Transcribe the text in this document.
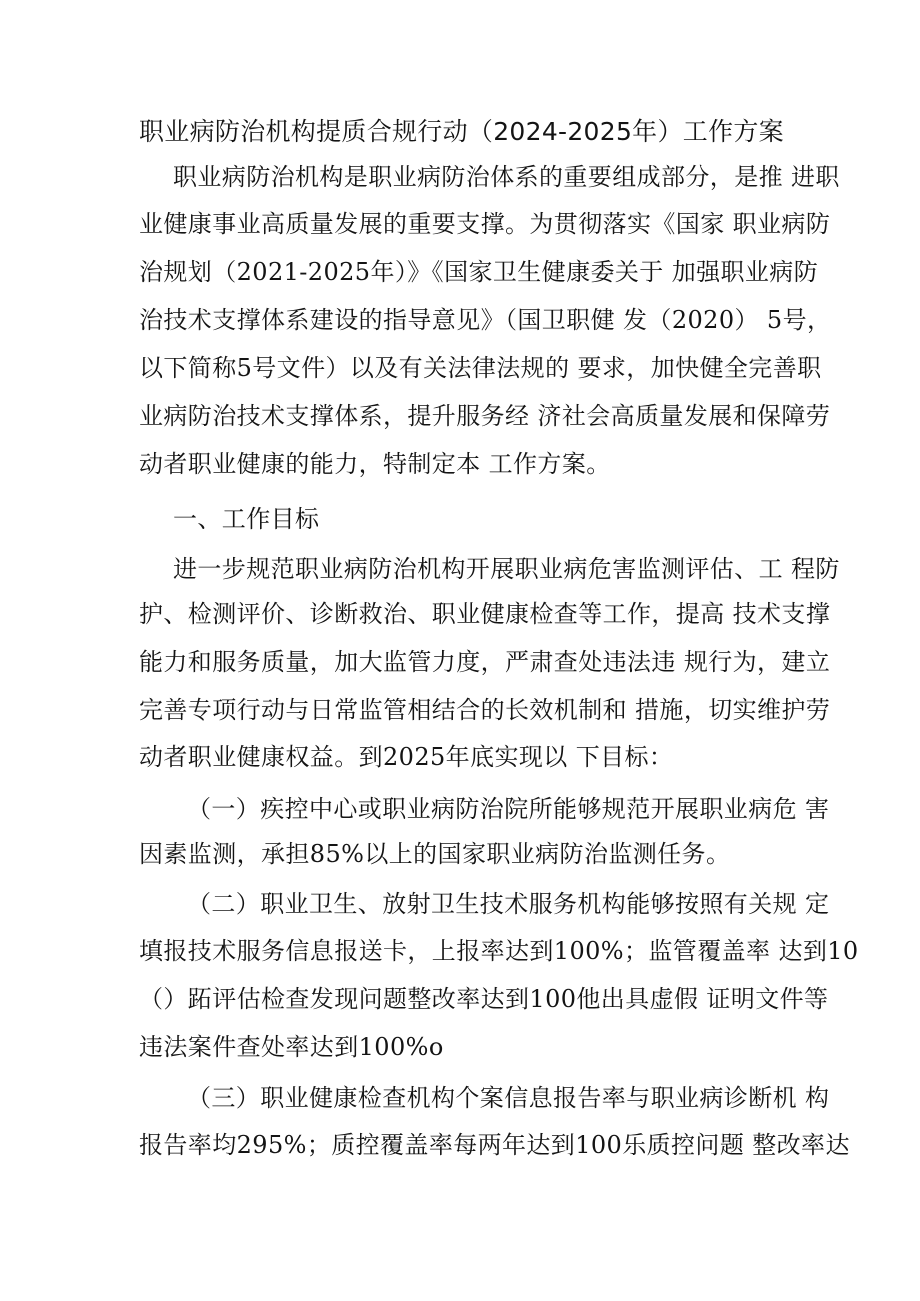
职业病防治机构提质合规行动（2024-2025年）工作方案
职业病防治机构是职业病防治体系的重要组成部分，是推 进职
业健康事业高质量发展的重要支撑。为贯彻落实《国家 职业病防
治规划（2021-2025年）》《国家卫生健康委关于 加强职业病防
治技术支撑体系建设的指导意见》（国卫职健 发（2020） 5号，
以下简称5号文件）以及有关法律法规的 要求，加快健全完善职
业病防治技术支撑体系，提升服务经 济社会高质量发展和保障劳
动者职业健康的能力，特制定本 工作方案。
一、工作目标
进一步规范职业病防治机构开展职业病危害监测评估、工 程防
护、检测评价、诊断救治、职业健康检查等工作，提高 技术支撑
能力和服务质量，加大监管力度，严肃查处违法违 规行为，建立
完善专项行动与日常监管相结合的长效机制和 措施，切实维护劳
动者职业健康权益。到2025年底实现以 下目标：
（一）疾控中心或职业病防治院所能够规范开展职业病危 害
因素监测，承担85%以上的国家职业病防治监测任务。
（二）职业卫生、放射卫生技术服务机构能够按照有关规 定
填报技术服务信息报送卡，上报率达到100%；监管覆盖率 达到10
（）跖评估检查发现问题整改率达到100他出具虚假 证明文件等
违法案件查处率达到100%o
（三）职业健康检查机构个案信息报告率与职业病诊断机 构
报告率均295%；质控覆盖率每两年达到100乐质控问题 整改率达
